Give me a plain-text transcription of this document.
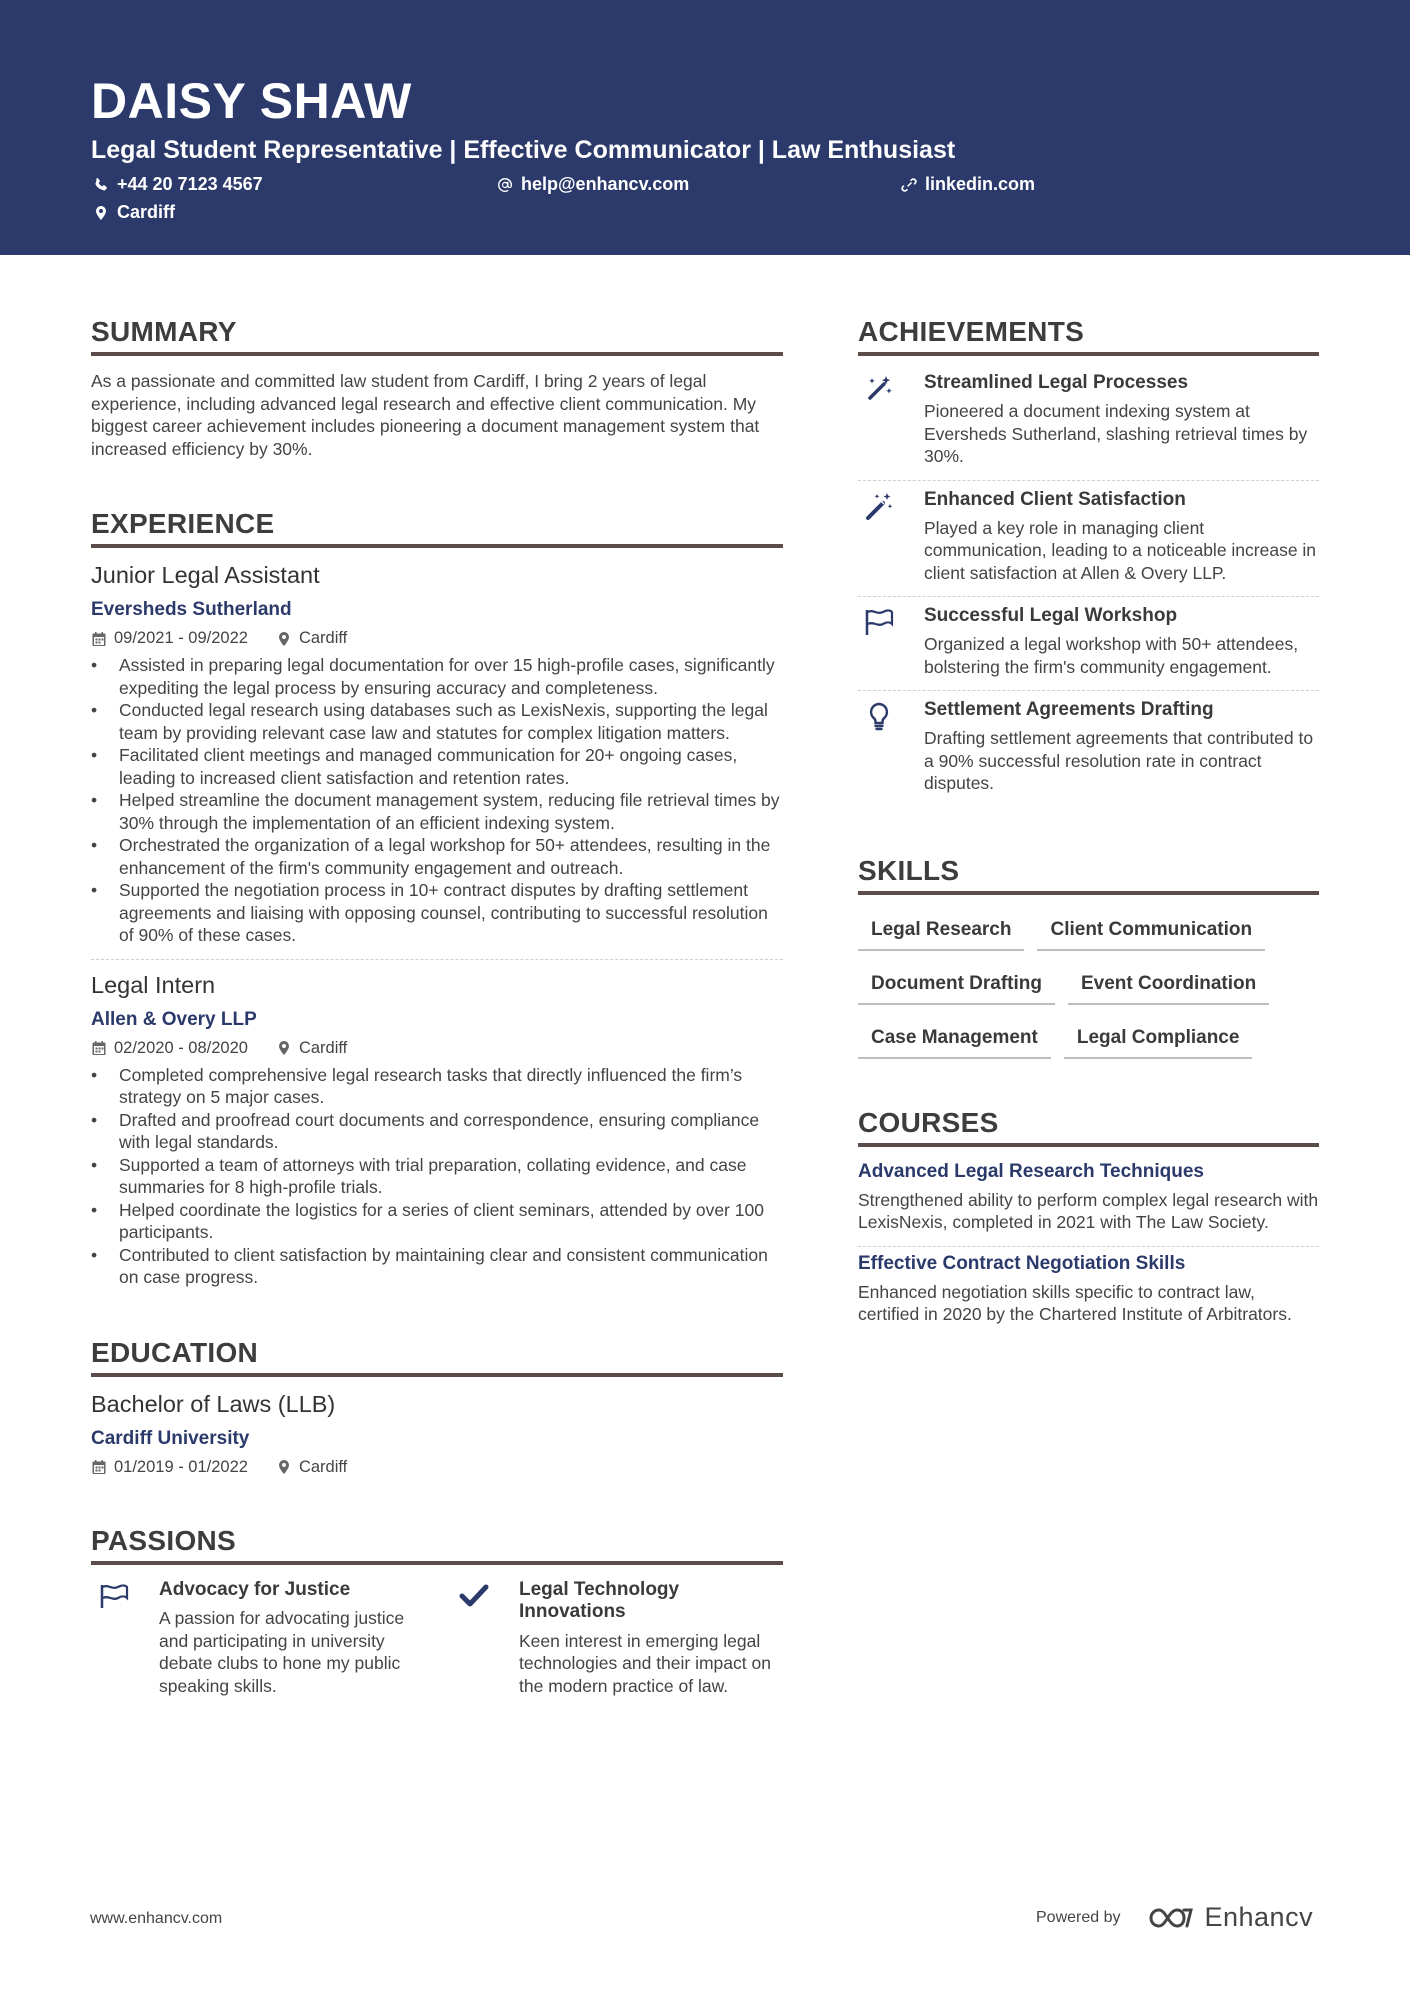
DAISY SHAW
Legal Student Representative | Effective Communicator | Law Enthusiast
+44 20 7123 4567	help@enhancv.com	linkedin.com
Cardiff
SUMMARY

As a passionate and committed law student from Cardiff, I bring 2 years of legal experience, including advanced legal research and effective client communication. My biggest career achievement includes pioneering a document management system that increased efficiency by 30%.

EXPERIENCE
Junior Legal Assistant
Eversheds Sutherland
09/2021 - 09/2022	Cardiff
• Assisted in preparing legal documentation for over 15 high-profile cases, significantly expediting the legal process by ensuring accuracy and completeness.
• Conducted legal research using databases such as LexisNexis, supporting the legal team by providing relevant case law and statutes for complex litigation matters.
• Facilitated client meetings and managed communication for 20+ ongoing cases, leading to increased client satisfaction and retention rates.
• Helped streamline the document management system, reducing file retrieval times by 30% through the implementation of an efficient indexing system.
• Orchestrated the organization of a legal workshop for 50+ attendees, resulting in the enhancement of the firm's community engagement and outreach.
• Supported the negotiation process in 10+ contract disputes by drafting settlement agreements and liaising with opposing counsel, contributing to successful resolution of 90% of these cases.
Legal Intern
Allen & Overy LLP
02/2020 - 08/2020	Cardiff
• Completed comprehensive legal research tasks that directly influenced the firm’s strategy on 5 major cases.
• Drafted and proofread court documents and correspondence, ensuring compliance with legal standards.
• Supported a team of attorneys with trial preparation, collating evidence, and case summaries for 8 high-profile trials.
• Helped coordinate the logistics for a series of client seminars, attended by over 100 participants.
• Contributed to client satisfaction by maintaining clear and consistent communication on case progress.
EDUCATION
Bachelor of Laws (LLB)
Cardiff University
01/2019 - 01/2022	Cardiff
PASSIONS
Advocacy for Justice

A passion for advocating justice and participating in university debate clubs to hone my public speaking skills.

Legal Technology Innovations

Keen interest in emerging legal technologies and their impact on the modern practice of law.

ACHIEVEMENTS
Streamlined Legal Processes

Pioneered a document indexing system at Eversheds Sutherland, slashing retrieval times by 30%.

Enhanced Client Satisfaction

Played a key role in managing client communication, leading to a noticeable increase in client satisfaction at Allen & Overy LLP.

Successful Legal Workshop

Organized a legal workshop with 50+ attendees, bolstering the firm's community engagement.

Settlement Agreements Drafting

Drafting settlement agreements that contributed to a 90% successful resolution rate in contract disputes.

SKILLS
Legal Research	Client Communication
Document Drafting	Event Coordination
Case Management	Legal Compliance
COURSES
Advanced Legal Research Techniques

Strengthened ability to perform complex legal research with LexisNexis, completed in 2021 with The Law Society.

Effective Contract Negotiation Skills

Enhanced negotiation skills specific to contract law, certified in 2020 by the Chartered Institute of Arbitrators.

www.enhancv.com	Powered by	Enhancv
